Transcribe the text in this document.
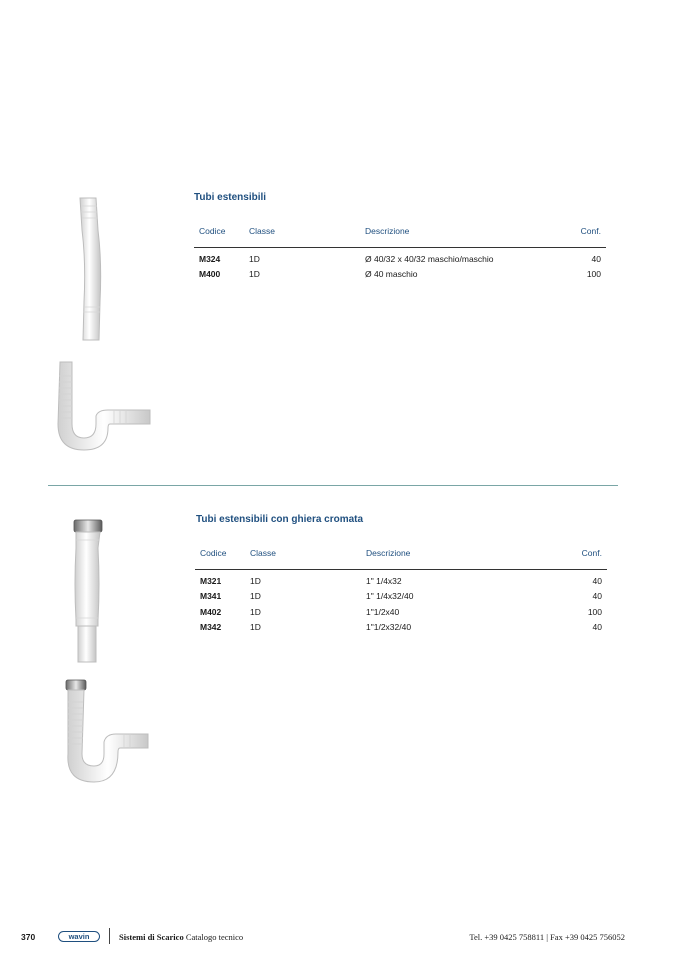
Tubi estensibili
Codice	Classe	Descrizione	Conf.
M324	1D	Ø 40/32 x 40/32 maschio/maschio	40
M400	1D	Ø 40 maschio	100
Tubi estensibili con ghiera cromata
Codice	Classe	Descrizione	Conf.
M321	1D	1" 1/4x32	40
M341	1D	1" 1/4x32/40	40
M402	1D	1"1/2x40	100
M342	1D	1"1/2x32/40	40
370	wavin	Sistemi di Scarico Catalogo tecnico	Tel. +39 0425 758811 | Fax +39 0425 756052
